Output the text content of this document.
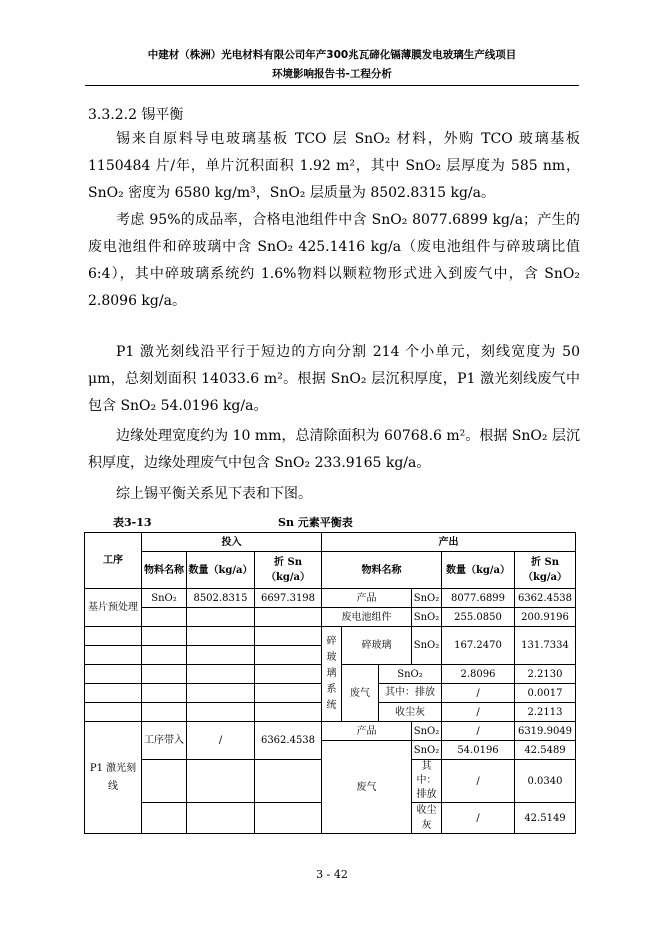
中建材（株洲）光电材料有限公司年产300兆瓦碲化镉薄膜发电玻璃生产线项目
环境影响报告书-工程分析
3.3.2.2 锡平衡

锡来自原料导电玻璃基板 TCO 层 SnO₂ 材料，外购 TCO 玻璃基板 1150484 片/年，单片沉积面积 1.92 m²，其中 SnO₂ 层厚度为 585 nm，SnO₂ 密度为 6580 kg/m³，SnO₂ 层质量为 8502.8315 kg/a。

考虑 95%的成品率，合格电池组件中含 SnO₂ 8077.6899 kg/a；产生的废电池组件和碎玻璃中含 SnO₂ 425.1416 kg/a（废电池组件与碎玻璃比值 6:4），其中碎玻璃系统约 1.6%物料以颗粒物形式进入到废气中，含 SnO₂ 2.8096 kg/a。

P1 激光刻线沿平行于短边的方向分割 214 个小单元，刻线宽度为 50 μm，总刻划面积 14033.6 m²。根据 SnO₂ 层沉积厚度，P1 激光刻线废气中包含 SnO₂ 54.0196 kg/a。

边缘处理宽度约为 10 mm，总清除面积为 60768.6 m²。根据 SnO₂ 层沉积厚度，边缘处理废气中包含 SnO₂ 233.9165 kg/a。

综上锡平衡关系见下表和下图。

表3-13	Sn 元素平衡表
工序	投入			产出					
	物料名称	数量（kg/a）	折 Sn（kg/a）	物料名称				数量（kg/a）	折 Sn（kg/a）
基片预处理	SnO₂	8502.8315	6697.3198	产品			SnO₂	8077.6899	6362.4538
				废电池组件			SnO₂	255.0850	200.9196
				碎玻璃系统	碎玻璃		SnO₂	167.2470	131.7334

					废气	SnO₂		2.8096	2.2130
						其中：排放		/	0.0017

						收尘灰		/	2.2113
P1 激光刻线	工序带入	/	6362.4538	产品			SnO₂	/	6319.9049
				废气			SnO₂	54.0196	42.5489
							其中：排放	/	0.0340

							收尘灰	/	42.5149
3 - 42
